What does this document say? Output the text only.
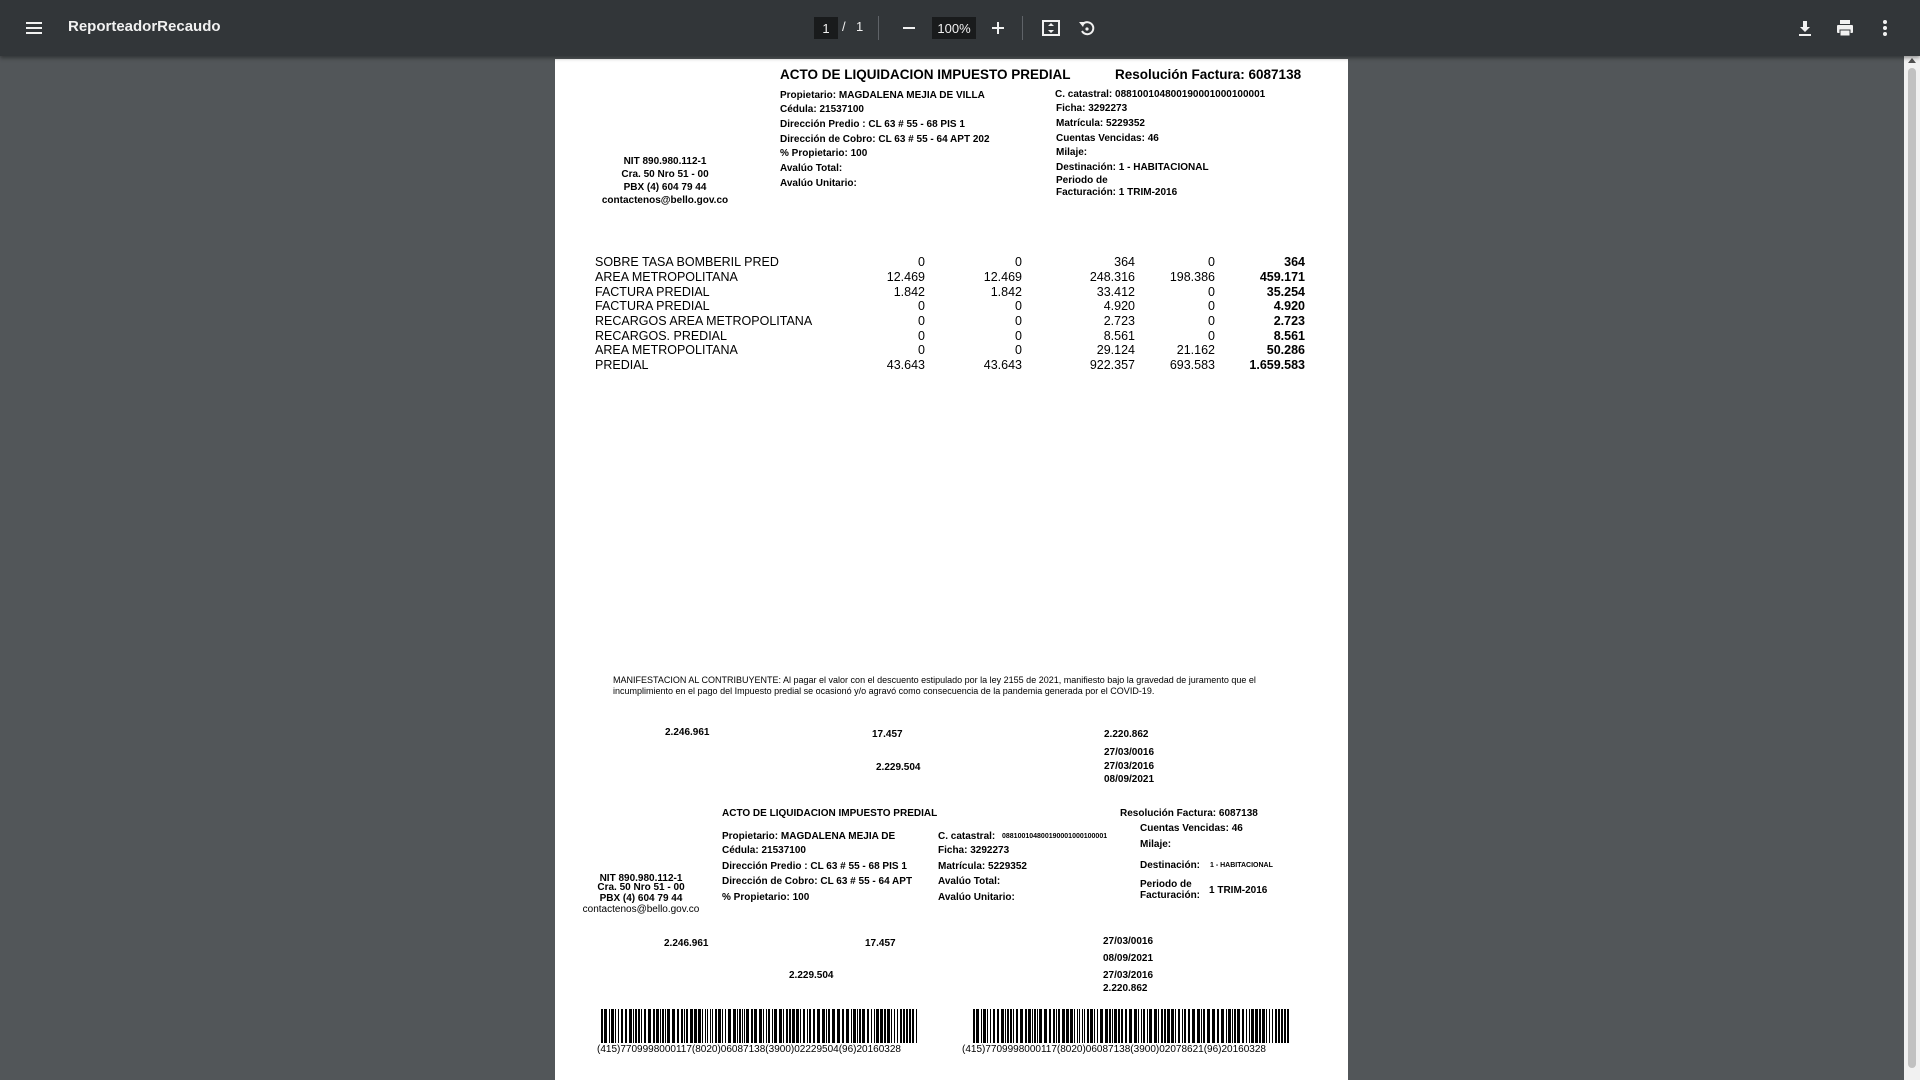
ReporteadorRecaudo
1	/ 1
100%
ACTO DE LIQUIDACION IMPUESTO PREDIAL	Resolución Factura: 6087138
Propietario: MAGDALENA MEJIA DE VILLA
Cédula: 21537100
Dirección Predio : CL 63 # 55 - 68 PIS 1
Dirección de Cobro: CL 63 # 55 - 64 APT 202
% Propietario: 100
Avalúo Total:
Avalúo Unitario:
C. catastral: 088100104800190001000100001
Ficha: 3292273
Matrícula: 5229352
Cuentas Vencidas: 46
Milaje:
Destinación: 1 - HABITACIONAL
Periodo de
Facturación: 1 TRIM-2016
NIT 890.980.112-1
Cra. 50 Nro 51 - 00
PBX (4) 604 79 44
contactenos@bello.gov.co
SOBRE TASA BOMBERIL PRED	0	0	364	0	364
AREA METROPOLITANA	12.469	12.469	248.316	198.386	459.171
FACTURA PREDIAL	1.842	1.842	33.412	0	35.254
FACTURA PREDIAL	0	0	4.920	0	4.920
RECARGOS AREA METROPOLITANA	0	0	2.723	0	2.723
RECARGOS. PREDIAL	0	0	8.561	0	8.561
AREA METROPOLITANA	0	0	29.124	21.162	50.286
PREDIAL	43.643	43.643	922.357	693.583	1.659.583
MANIFESTACION AL CONTRIBUYENTE: Al pagar el valor con el descuento estipulado por la ley 2155 de 2021, manifiesto bajo la gravedad de juramento que el
incumplimiento en el pago del Impuesto predial se ocasionó y/o agravó como consecuencia de la pandemia generada por el COVID-19.
2.246.961	17.457	2.220.862
27/03/0016
2.229.504	27/03/2016
08/09/2021
ACTO DE LIQUIDACION IMPUESTO PREDIAL	Resolución Factura: 6087138
Propietario: MAGDALENA MEJIA DE
Cédula: 21537100
Dirección Predio : CL 63 # 55 - 68 PIS 1
Dirección de Cobro: CL 63 # 55 - 64 APT
% Propietario: 100
C. catastral: 088100104800190001000100001
Ficha: 3292273
Matrícula: 5229352
Avalúo Total:
Avalúo Unitario:
Cuentas Vencidas: 46
Milaje:
Destinación: 1 - HABITACIONAL
Periodo de
Facturación: 1 TRIM-2016
NIT 890.980.112-1
Cra. 50 Nro 51 - 00
PBX (4) 604 79 44
contactenos@bello.gov.co
2.246.961	17.457	27/03/0016
08/09/2021
2.229.504	27/03/2016
2.220.862
(415)7709998000117(8020)06087138(3900)02229504(96)20160328	(415)7709998000117(8020)06087138(3900)02078621(96)20160328
